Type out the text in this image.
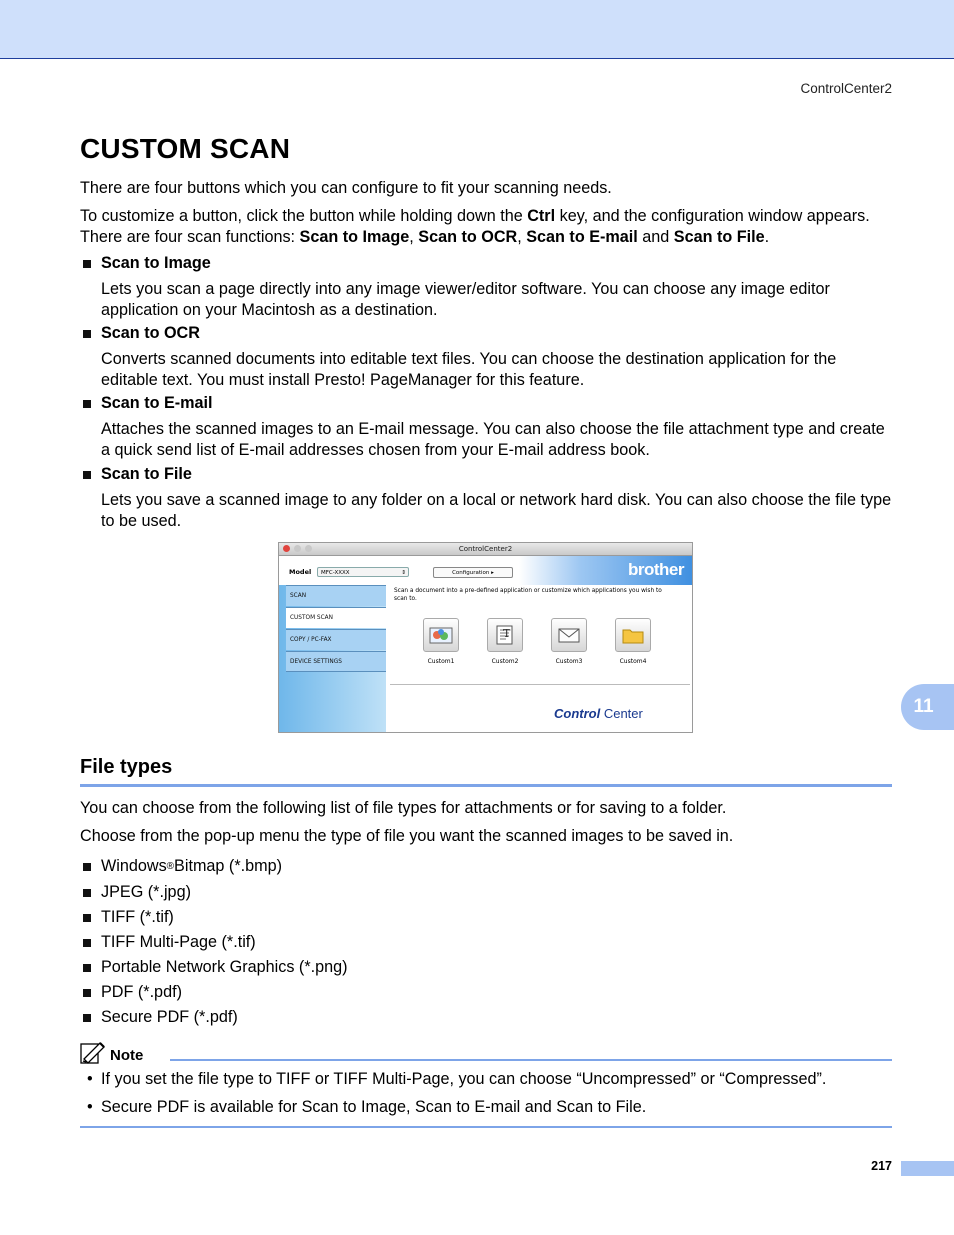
ControlCenter2
11
CUSTOM SCAN

There are four buttons which you can configure to fit your scanning needs.

To customize a button, click the button while holding down the Ctrl key, and the configuration window appears. There are four scan functions: Scan to Image, Scan to OCR, Scan to E-mail and Scan to File.

Scan to Image

Lets you scan a page directly into any image viewer/editor software. You can choose any image editor application on your Macintosh as a destination.

Scan to OCR

Converts scanned documents into editable text files. You can choose the destination application for the editable text. You must install Presto! PageManager for this feature.

Scan to E-mail

Attaches the scanned images to an E-mail message. You can also choose the file attachment type and create a quick send list of E-mail addresses chosen from your E-mail address book.

Scan to File

Lets you save a scanned image to any folder on a local or network hard disk. You can also choose the file type to be used.

File types

You can choose from the following list of file types for attachments or for saving to a folder.

Choose from the pop-up menu the type of file you want the scanned images to be saved in.

Windows ® Bitmap (*.bmp)
JPEG (*.jpg)
TIFF (*.tif)
TIFF Multi-Page (*.tif)
Portable Network Graphics (*.png)
PDF (*.pdf)
Secure PDF (*.pdf)
Note
• If you set the file type to TIFF or TIFF Multi-Page, you can choose “Uncompressed” or “Compressed”.
• Secure PDF is available for Scan to Image, Scan to E-mail and Scan to File.
ControlCenter2
Model	MFC-XXXX	⇕	Configuration ▸	brother
SCAN
CUSTOM SCAN
COPY / PC-FAX
DEVICE SETTINGS
Scan a document into a pre-defined application or customize which applications you wish to scan to.
Custom1
T
Custom2	Custom3	Custom4
Control Center
217
